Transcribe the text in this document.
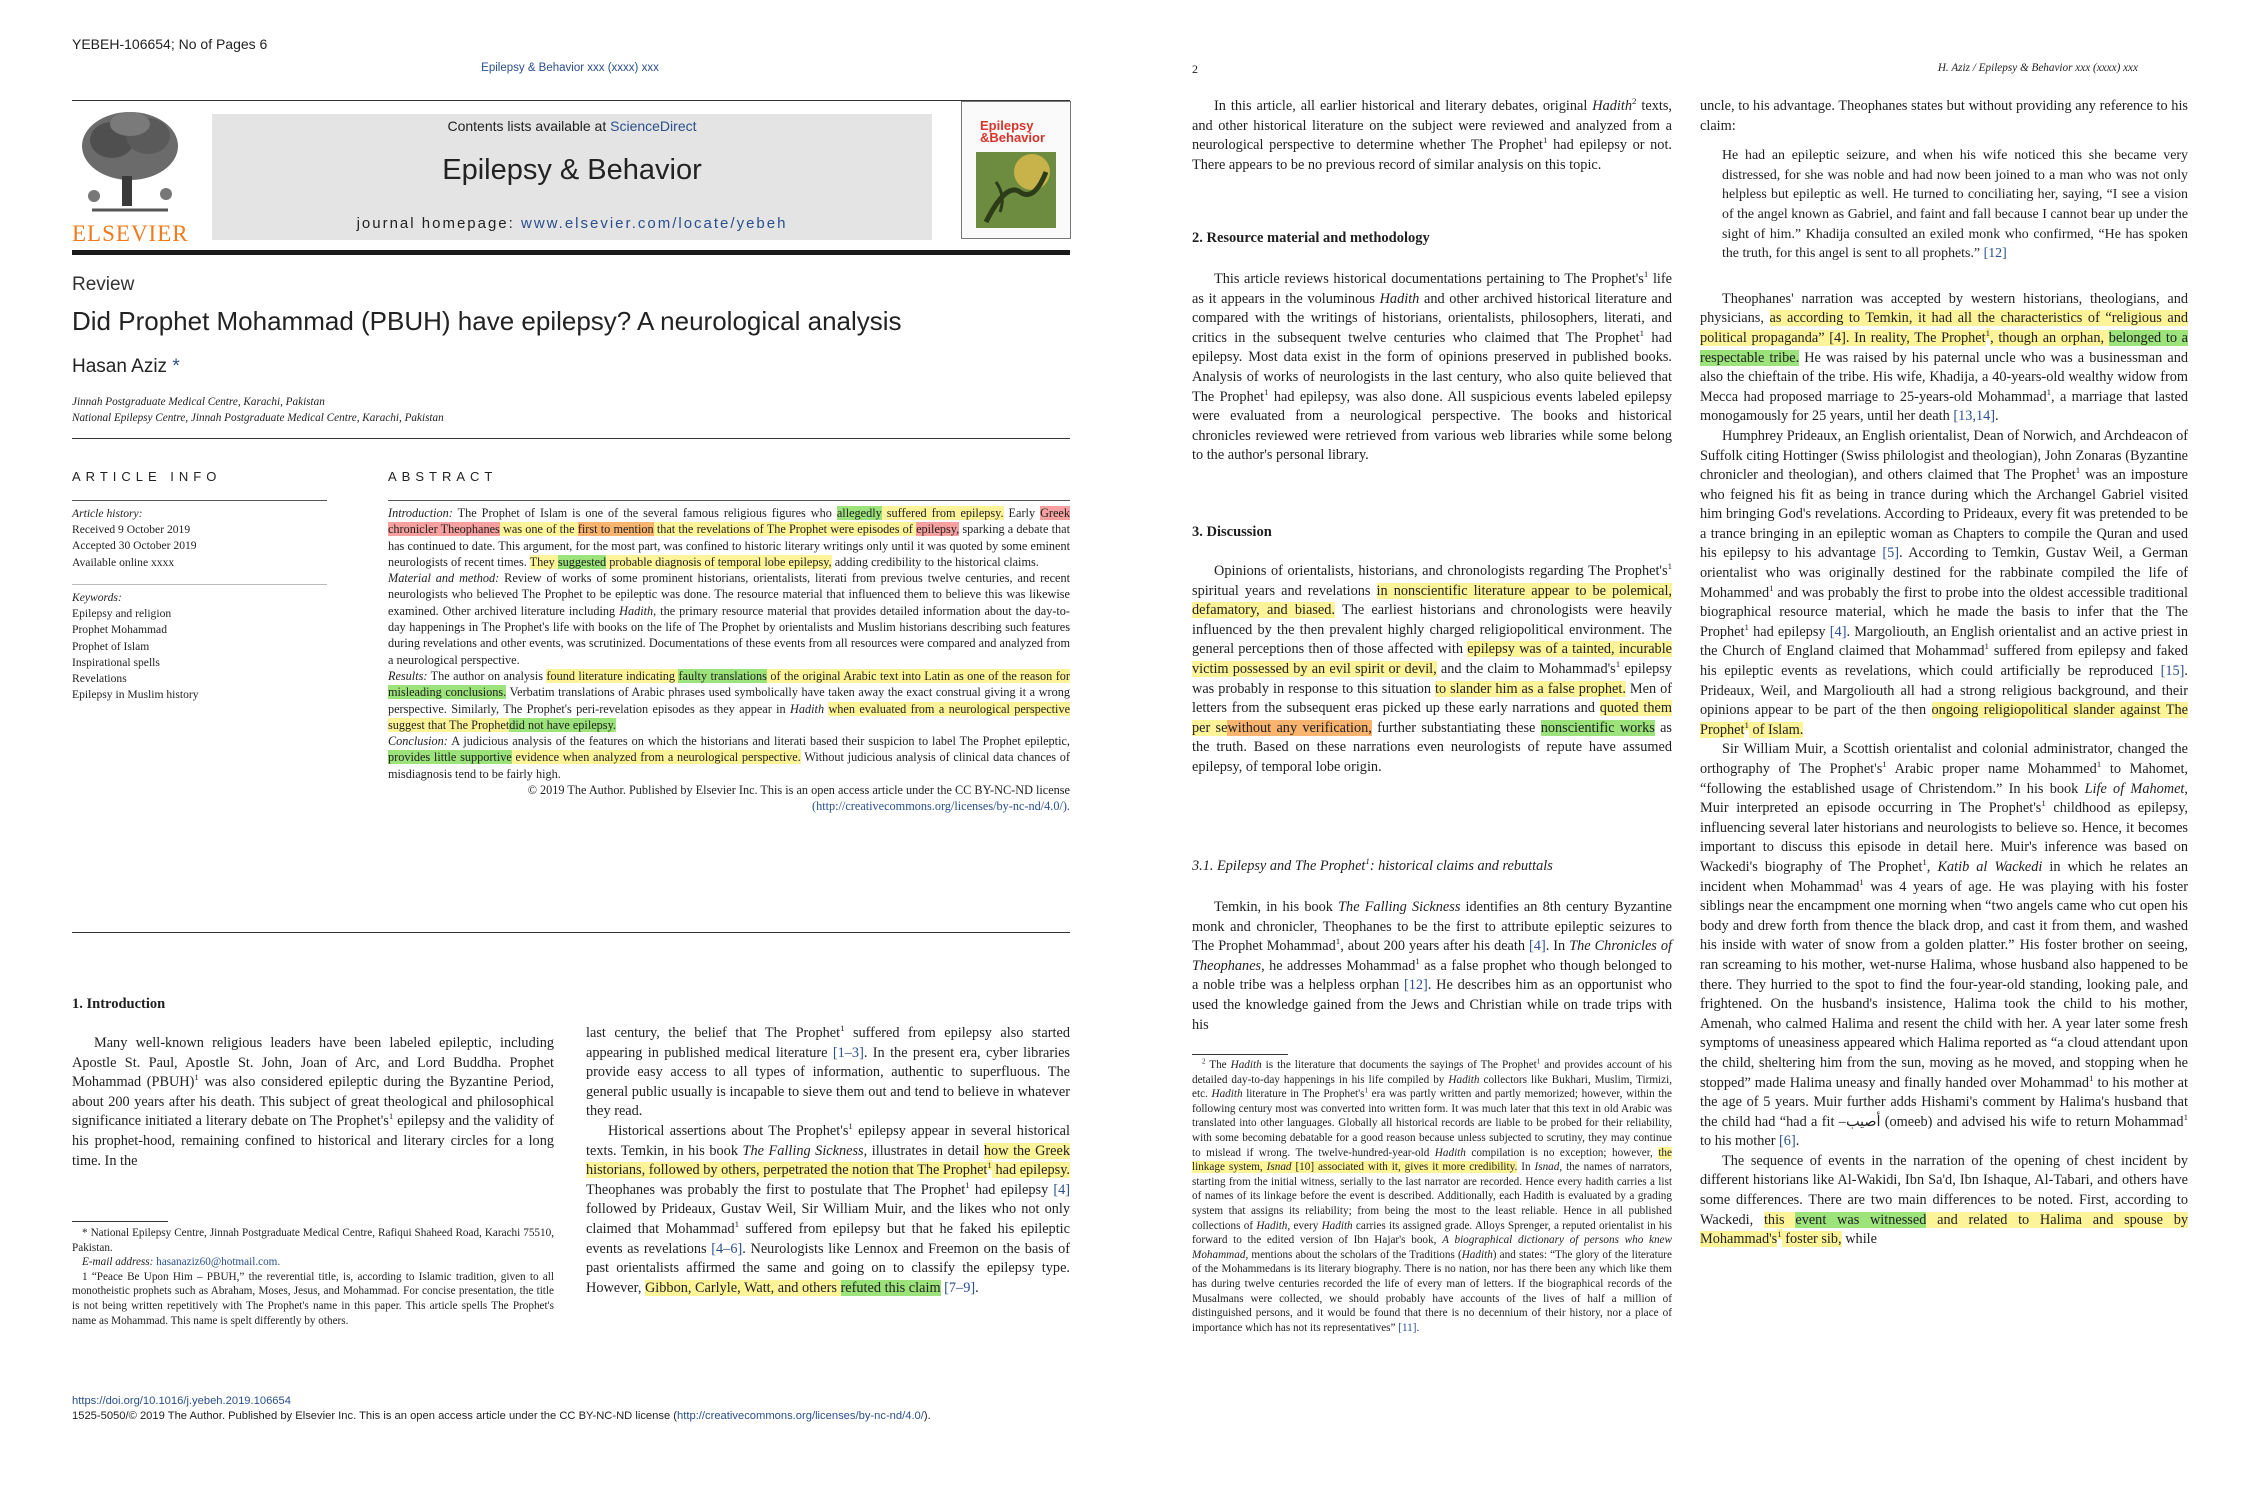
YEBEH-106654; No of Pages 6
Epilepsy & Behavior xxx (xxxx) xxx
ELSEVIER
Contents lists available at ScienceDirect
Epilepsy & Behavior
journal homepage: www.elsevier.com/locate/yebeh
Epilepsy
&Behavior
Review
Did Prophet Mohammad (PBUH) have epilepsy? A neurological analysis
Hasan Aziz *
Jinnah Postgraduate Medical Centre, Karachi, Pakistan
National Epilepsy Centre, Jinnah Postgraduate Medical Centre, Karachi, Pakistan
ARTICLE INFO
Article history:
Received 9 October 2019
Accepted 30 October 2019
Available online xxxx
Keywords:
Epilepsy and religion
Prophet Mohammad
Prophet of Islam
Inspirational spells
Revelations
Epilepsy in Muslim history
ABSTRACT

Introduction: The Prophet of Islam is one of the several famous religious figures who allegedly suffered from epilepsy. Early Greek chronicler Theophanes was one of the first to mention that the revelations of The Prophet were episodes of epilepsy, sparking a debate that has continued to date. This argument, for the most part, was confined to historic literary writings only until it was quoted by some eminent neurologists of recent times. They suggested probable diagnosis of temporal lobe epilepsy, adding credibility to the historical claims.

Material and method: Review of works of some prominent historians, orientalists, literati from previous twelve centuries, and recent neurologists who believed The Prophet to be epileptic was done. The resource material that influenced them to believe this was likewise examined. Other archived literature including Hadith, the primary resource material that provides detailed information about the day-to-day happenings in The Prophet's life with books on the life of The Prophet by orientalists and Muslim historians describing such features during revelations and other events, was scrutinized. Documentations of these events from all resources were compared and analyzed from a neurological perspective.

Results: The author on analysis found literature indicating faulty translations of the original Arabic text into Latin as one of the reason for misleading conclusions. Verbatim translations of Arabic phrases used symbolically have taken away the exact construal giving it a wrong perspective. Similarly, The Prophet's peri-revelation episodes as they appear in Hadith when evaluated from a neurological perspective suggest that The Prophetdid not have epilepsy.

Conclusion: A judicious analysis of the features on which the historians and literati based their suspicion to label The Prophet epileptic, provides little supportive evidence when analyzed from a neurological perspective. Without judicious analysis of clinical data chances of misdiagnosis tend to be fairly high.

© 2019 The Author. Published by Elsevier Inc. This is an open access article under the CC BY-NC-ND license

(http://creativecommons.org/licenses/by-nc-nd/4.0/).

1. Introduction

Many well-known religious leaders have been labeled epileptic, including Apostle St. Paul, Apostle St. John, Joan of Arc, and Lord Buddha. Prophet Mohammad (PBUH)$^1$ was also considered epileptic during the Byzantine Period, about 200 years after his death. This subject of great theological and philosophical significance initiated a literary debate on The $Prophet's^1$ epilepsy and the validity of his prophet-hood, remaining confined to historical and literary circles for a long time. In the

last century, the belief that The Prophet$^1$ suffered from epilepsy also started appearing in published medical literature [1–3]. In the present era, cyber libraries provide easy access to all types of information, authentic to superfluous. The general public usually is incapable to sieve them out and tend to believe in whatever they read.

Historical assertions about The $Prophet's^1$ epilepsy appear in several historical texts. Temkin, in his book The Falling Sickness, illustrates in detail how the Greek historians, followed by others, perpetrated the notion that The Prophet$^1$ had epilepsy. Theophanes was probably the first to postulate that The Prophet$^1$ had epilepsy [4] followed by Prideaux, Gustav Weil, Sir William Muir, and the likes who not only claimed that Mohammad$^1$ suffered from epilepsy but that he faked his epileptic events as revelations [4–6]. Neurologists like Lennox and Freemon on the basis of past orientalists affirmed the same and going on to classify the epilepsy type. However, Gibbon, Carlyle, Watt, and others refuted this claim [7–9].

* National Epilepsy Centre, Jinnah Postgraduate Medical Centre, Rafiqui Shaheed Road, Karachi 75510, Pakistan.

E-mail address: hasanaziz60@hotmail.com.

1 “Peace Be Upon Him – PBUH,” the reverential title, is, according to Islamic tradition, given to all monotheistic prophets such as Abraham, Moses, Jesus, and Mohammad. For concise presentation, the title is not being written repetitively with The Prophet's name in this paper. This article spells The Prophet's name as Mohammad. This name is spelt differently by others.

https://doi.org/10.1016/j.yebeh.2019.106654
1525-5050/© 2019 The Author. Published by Elsevier Inc. This is an open access article under the CC BY-NC-ND license (http://creativecommons.org/licenses/by-nc-nd/4.0/).
2	H. Aziz / Epilepsy & Behavior xxx (xxxx) xxx

In this article, all earlier historical and literary debates, original Hadith$^2$ texts, and other historical literature on the subject were reviewed and analyzed from a neurological perspective to determine whether The Prophet$^1$ had epilepsy or not. There appears to be no previous record of similar analysis on this topic.

2. Resource material and methodology

This article reviews historical documentations pertaining to The $Prophet's^1$ life as it appears in the voluminous Hadith and other archived historical literature and compared with the writings of historians, orientalists, philosophers, literati, and critics in the subsequent twelve centuries who claimed that The Prophet$^1$ had epilepsy. Most data exist in the form of opinions preserved in published books. Analysis of works of neurologists in the last century, who also quite believed that The Prophet$^1$ had epilepsy, was also done. All suspicious events labeled epilepsy were evaluated from a neurological perspective. The books and historical chronicles reviewed were retrieved from various web libraries while some belong to the author's personal library.

3. Discussion

Opinions of orientalists, historians, and chronologists regarding The $Prophet's^1$ spiritual years and revelations in nonscientific literature appear to be polemical, defamatory, and biased. The earliest historians and chronologists were heavily influenced by the then prevalent highly charged religiopolitical environment. The general perceptions then of those affected with epilepsy was of a tainted, incurable victim possessed by an evil spirit or devil, and the claim to $Mohammad's^1$ epilepsy was probably in response to this situation to slander him as a false prophet. Men of letters from the subsequent eras picked up these early narrations and quoted them per sewithout any verification, further substantiating these nonscientific works as the truth. Based on these narrations even neurologists of repute have assumed epilepsy, of temporal lobe origin.

3.1. Epilepsy and The Prophet$^1$: historical claims and rebuttals

Temkin, in his book The Falling Sickness identifies an 8th century Byzantine monk and chronicler, Theophanes to be the first to attribute epileptic seizures to The Prophet Mohammad$^1$, about 200 years after his death [4]. In The Chronicles of Theophanes, he addresses Mohammad$^1$ as a false prophet who though belonged to a noble tribe was a helpless orphan [12]. He describes him as an opportunist who used the knowledge gained from the Jews and Christian while on trade trips with his

$^2$ The Hadith is the literature that documents the sayings of The Prophet$^1$ and provides account of his detailed day-to-day happenings in his life compiled by Hadith collectors like Bukhari, Muslim, Tirmizi, etc. Hadith literature in The $Prophet's^1$ era was partly written and partly memorized; however, within the following century most was converted into written form. It was much later that this text in old Arabic was translated into other languages. Globally all historical records are liable to be probed for their reliability, with some becoming debatable for a good reason because unless subjected to scrutiny, they may continue to mislead if wrong. The twelve-hundred-year-old Hadith compilation is no exception; however, the linkage system, Isnad [10] associated with it, gives it more credibility. In Isnad, the names of narrators, starting from the initial witness, serially to the last narrator are recorded. Hence every hadith carries a list of names of its linkage before the event is described. Additionally, each Hadith is evaluated by a grading system that assigns its reliability; from being the most to the least reliable. Hence in all published collections of Hadith, every Hadith carries its assigned grade. Alloys Sprenger, a reputed orientalist in his forward to the edited version of Ibn Hajar's book, A biographical dictionary of persons who knew Mohammad, mentions about the scholars of the Traditions (Hadith) and states: “The glory of the literature of the Mohammedans is its literary biography. There is no nation, nor has there been any which like them has during twelve centuries recorded the life of every man of letters. If the biographical records of the Musalmans were collected, we should probably have accounts of the lives of half a million of distinguished persons, and it would be found that there is no decennium of their history, nor a place of importance which has not its representatives” [11].

uncle, to his advantage. Theophanes states but without providing any reference to his claim:

He had an epileptic seizure, and when his wife noticed this she became very distressed, for she was noble and had now been joined to a man who was not only helpless but epileptic as well. He turned to conciliating her, saying, “I see a vision of the angel known as Gabriel, and faint and fall because I cannot bear up under the sight of him.” Khadija consulted an exiled monk who confirmed, “He has spoken the truth, for this angel is sent to all prophets.” [12]

Theophanes' narration was accepted by western historians, theologians, and physicians, as according to Temkin, it had all the characteristics of “religious and political propaganda” [4]. In reality, The Prophet$^1$, though an orphan, belonged to a respectable tribe. He was raised by his paternal uncle who was a businessman and also the chieftain of the tribe. His wife, Khadija, a 40-years-old wealthy widow from Mecca had proposed marriage to 25-years-old Mohammad$^1$, a marriage that lasted monogamously for 25 years, until her death [13,14].

Humphrey Prideaux, an English orientalist, Dean of Norwich, and Archdeacon of Suffolk citing Hottinger (Swiss philologist and theologian), John Zonaras (Byzantine chronicler and theologian), and others claimed that The Prophet$^1$ was an imposture who feigned his fit as being in trance during which the Archangel Gabriel visited him bringing God's revelations. According to Prideaux, every fit was pretended to be a trance bringing in an epileptic woman as Chapters to compile the Quran and used his epilepsy to his advantage [5]. According to Temkin, Gustav Weil, a German orientalist who was originally destined for the rabbinate compiled the life of Mohammed$^1$ and was probably the first to probe into the oldest accessible traditional biographical resource material, which he made the basis to infer that the The Prophet$^1$ had epilepsy [4]. Margoliouth, an English orientalist and an active priest in the Church of England claimed that Mohammad$^1$ suffered from epilepsy and faked his epileptic events as revelations, which could artificially be reproduced [15]. Prideaux, Weil, and Margoliouth all had a strong religious background, and their opinions appear to be part of the then ongoing religiopolitical slander against The Prophet$^1$ of Islam.

Sir William Muir, a Scottish orientalist and colonial administrator, changed the orthography of The $Prophet's^1$ Arabic proper name Mohammed$^1$ to Mahomet, “following the established usage of Christendom.” In his book Life of Mahomet, Muir interpreted an episode occurring in The $Prophet's^1$ childhood as epilepsy, influencing several later historians and neurologists to believe so. Hence, it becomes important to discuss this episode in detail here. Muir's inference was based on Wackedi's biography of The Prophet$^1$, Katib al Wackedi in which he relates an incident when Mohammad$^1$ was 4 years of age. He was playing with his foster siblings near the encampment one morning when “two angels came who cut open his body and drew forth from thence the black drop, and cast it from them, and washed his inside with water of snow from a golden platter.” His foster brother on seeing, ran screaming to his mother, wet-nurse Halima, whose husband also happened to be there. They hurried to the spot to find the four-year-old standing, looking pale, and frightened. On the husband's insistence, Halima took the child to his mother, Amenah, who calmed Halima and resent the child with her. A year later some fresh symptoms of uneasiness appeared which Halima reported as “a cloud attendant upon the child, sheltering him from the sun, moving as he moved, and stopping when he stopped” made Halima uneasy and finally handed over Mohammad$^1$ to his mother at the age of 5 years. Muir further adds Hishami's comment by Halima's husband that the child had “had a fit –أصيب (omeeb) and advised his wife to return Mohammad$^1$ to his mother [6].

The sequence of events in the narration of the opening of chest incident by different historians like Al-Wakidi, Ibn Sa'd, Ibn Ishaque, Al-Tabari, and others have some differences. There are two main differences to be noted. First, according to Wackedi, this event was witnessed and related to Halima and spouse by $Mohammad's^1$ foster sib, while
